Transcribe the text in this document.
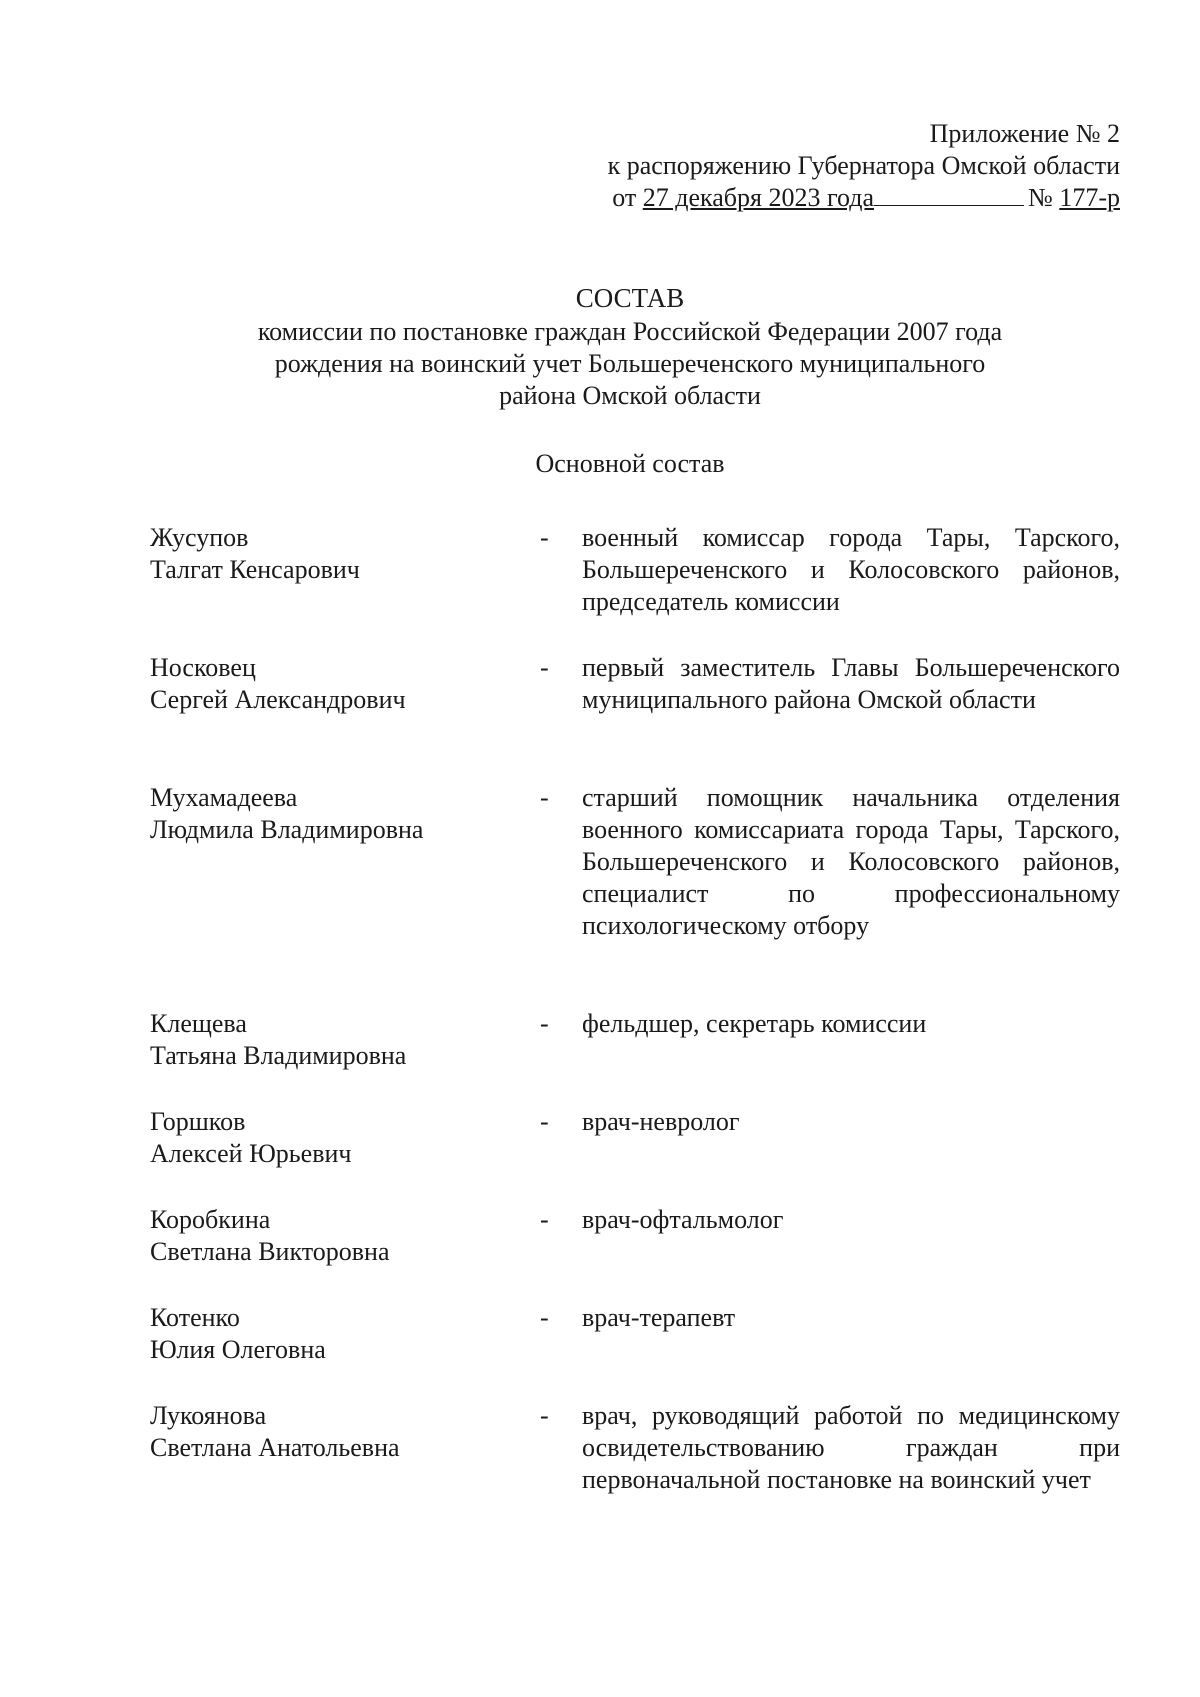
Приложение № 2
к распоряжению Губернатора Омской области
от 27 декабря 2023 года	№ 177-р
СОСТАВ
комиссии по постановке граждан Российской Федерации 2007 года
рождения на воинский учет Большереченского муниципального
района Омской области
Основной состав
Жусупов
Талгат Кенсарович
-	военный комиссар города Тары, Тарского, Большереченского и Колосовского районов, председатель комиссии
Носковец
Сергей Александрович
-	первый заместитель Главы Большереченского муниципального района Омской области
Мухамадеева
Людмила Владимировна
-	старший помощник начальника отделения военного комиссариата города Тары, Тарского, Большереченского и Колосовского районов, специалист по профессиональному психологическому отбору
Клещева
Татьяна Владимировна
-	фельдшер, секретарь комиссии
Горшков
Алексей Юрьевич
-	врач-невролог
Коробкина
Светлана Викторовна
-	врач-офтальмолог
Котенко
Юлия Олеговна
-	врач-терапевт
Лукоянова
Светлана Анатольевна
-	врач, руководящий работой по медицинскому освидетельствованию граждан при первоначальной постановке на воинский учет
